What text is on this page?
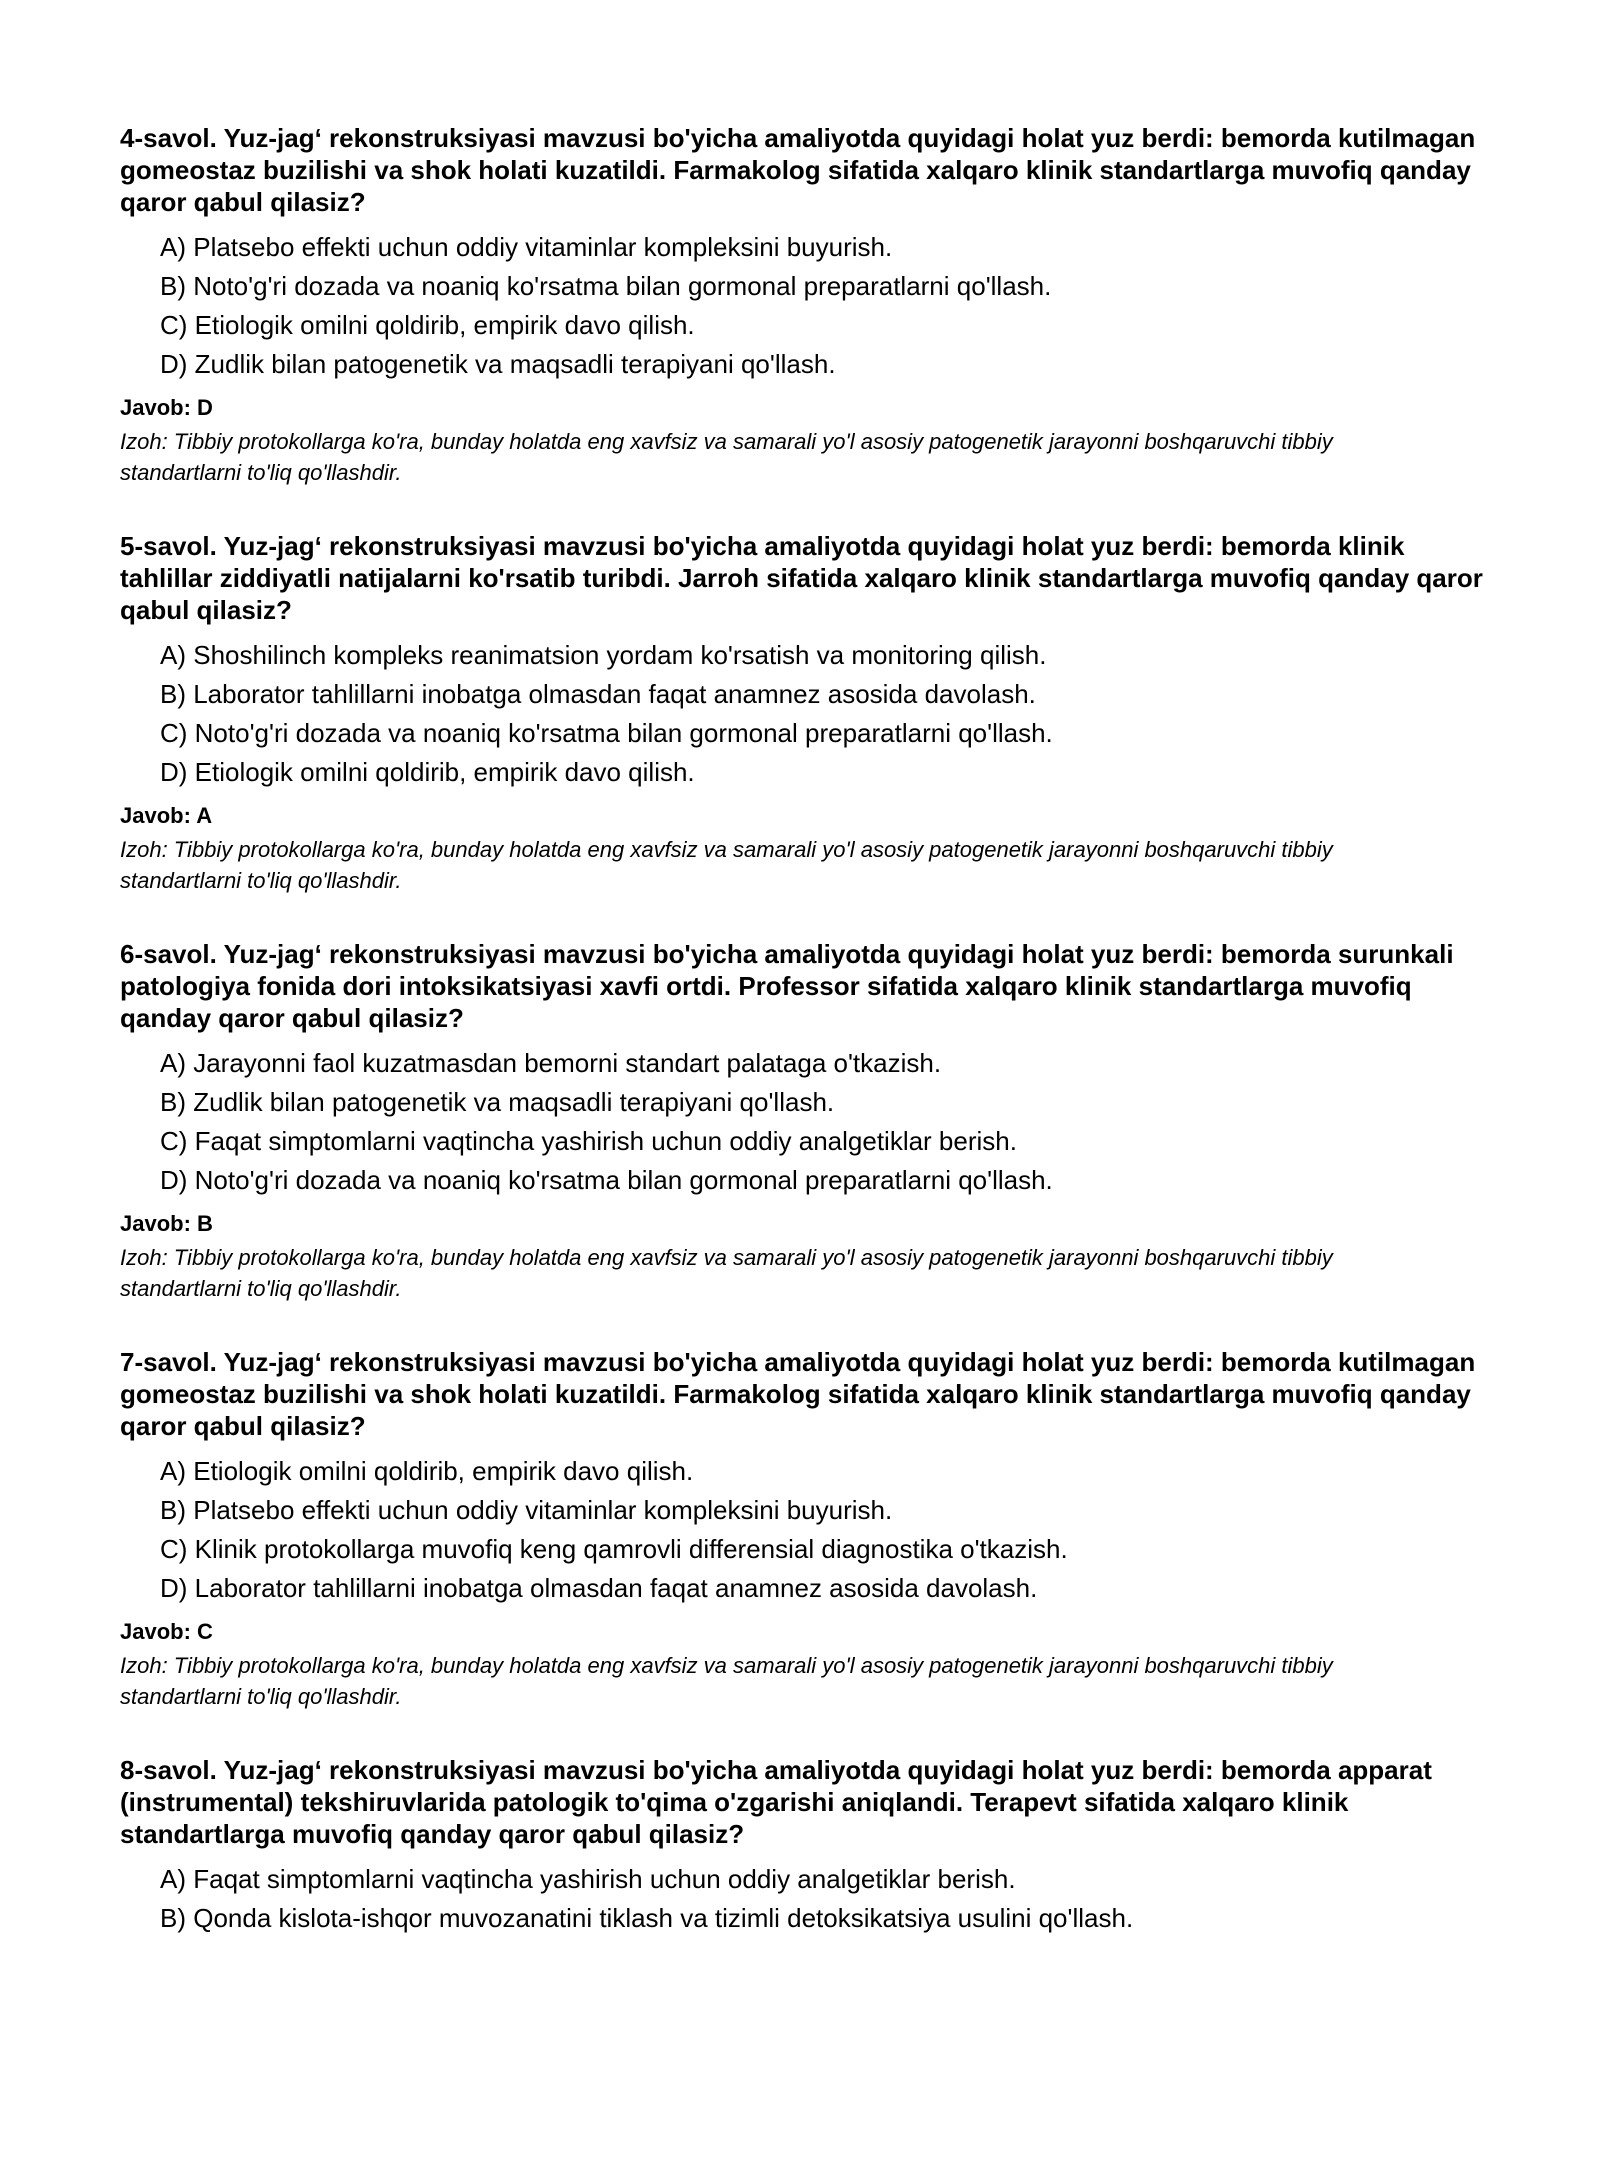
4-savol. Yuz-jag‘ rekonstruksiyasi mavzusi bo'yicha amaliyotda quyidagi holat yuz berdi: bemorda kutilmagan gomeostaz buzilishi va shok holati kuzatildi. Farmakolog sifatida xalqaro klinik standartlarga muvofiq qanday qaror qabul qilasiz?

A) Platsebo effekti uchun oddiy vitaminlar kompleksini buyurish.
B) Noto'g'ri dozada va noaniq ko'rsatma bilan gormonal preparatlarni qo'llash.
C) Etiologik omilni qoldirib, empirik davo qilish.
D) Zudlik bilan patogenetik va maqsadli terapiyani qo'llash.

Javob: D

Izoh: Tibbiy protokollarga ko'ra, bunday holatda eng xavfsiz va samarali yo'l asosiy patogenetik jarayonni boshqaruvchi tibbiy standartlarni to'liq qo'llashdir.

5-savol. Yuz-jag‘ rekonstruksiyasi mavzusi bo'yicha amaliyotda quyidagi holat yuz berdi: bemorda klinik tahlillar ziddiyatli natijalarni ko'rsatib turibdi. Jarroh sifatida xalqaro klinik standartlarga muvofiq qanday qaror qabul qilasiz?

A) Shoshilinch kompleks reanimatsion yordam ko'rsatish va monitoring qilish.
B) Laborator tahlillarni inobatga olmasdan faqat anamnez asosida davolash.
C) Noto'g'ri dozada va noaniq ko'rsatma bilan gormonal preparatlarni qo'llash.
D) Etiologik omilni qoldirib, empirik davo qilish.

Javob: A

Izoh: Tibbiy protokollarga ko'ra, bunday holatda eng xavfsiz va samarali yo'l asosiy patogenetik jarayonni boshqaruvchi tibbiy standartlarni to'liq qo'llashdir.

6-savol. Yuz-jag‘ rekonstruksiyasi mavzusi bo'yicha amaliyotda quyidagi holat yuz berdi: bemorda surunkali patologiya fonida dori intoksikatsiyasi xavfi ortdi. Professor sifatida xalqaro klinik standartlarga muvofiq qanday qaror qabul qilasiz?

A) Jarayonni faol kuzatmasdan bemorni standart palataga o'tkazish.
B) Zudlik bilan patogenetik va maqsadli terapiyani qo'llash.
C) Faqat simptomlarni vaqtincha yashirish uchun oddiy analgetiklar berish.
D) Noto'g'ri dozada va noaniq ko'rsatma bilan gormonal preparatlarni qo'llash.

Javob: B

Izoh: Tibbiy protokollarga ko'ra, bunday holatda eng xavfsiz va samarali yo'l asosiy patogenetik jarayonni boshqaruvchi tibbiy standartlarni to'liq qo'llashdir.

7-savol. Yuz-jag‘ rekonstruksiyasi mavzusi bo'yicha amaliyotda quyidagi holat yuz berdi: bemorda kutilmagan gomeostaz buzilishi va shok holati kuzatildi. Farmakolog sifatida xalqaro klinik standartlarga muvofiq qanday qaror qabul qilasiz?

A) Etiologik omilni qoldirib, empirik davo qilish.
B) Platsebo effekti uchun oddiy vitaminlar kompleksini buyurish.
C) Klinik protokollarga muvofiq keng qamrovli differensial diagnostika o'tkazish.
D) Laborator tahlillarni inobatga olmasdan faqat anamnez asosida davolash.

Javob: C

Izoh: Tibbiy protokollarga ko'ra, bunday holatda eng xavfsiz va samarali yo'l asosiy patogenetik jarayonni boshqaruvchi tibbiy standartlarni to'liq qo'llashdir.

8-savol. Yuz-jag‘ rekonstruksiyasi mavzusi bo'yicha amaliyotda quyidagi holat yuz berdi: bemorda apparat (instrumental) tekshiruvlarida patologik to'qima o'zgarishi aniqlandi. Terapevt sifatida xalqaro klinik standartlarga muvofiq qanday qaror qabul qilasiz?

A) Faqat simptomlarni vaqtincha yashirish uchun oddiy analgetiklar berish.
B) Qonda kislota-ishqor muvozanatini tiklash va tizimli detoksikatsiya usulini qo'llash.
